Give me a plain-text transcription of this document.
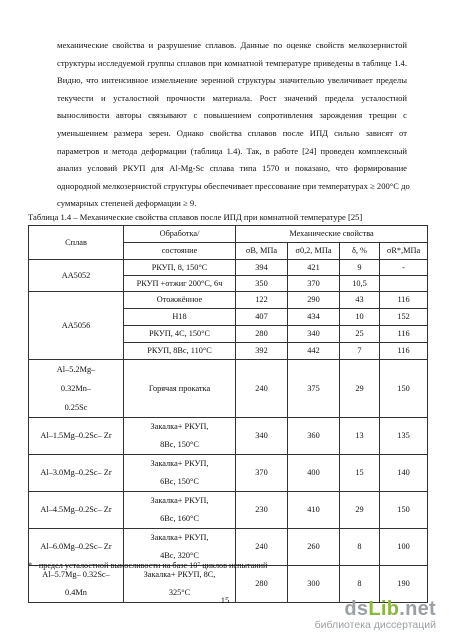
механические свойства и разрушение сплавов. Данные по оценке свойств мелкозернистой
структуры исследуемой группы сплавов при комнатной температуре приведены в таблице 1.4.
Видно, что интенсивное измельчение зеренной структуры значительно увеличивает пределы
текучести и усталостной прочности материала. Рост значений предела усталостной
выносливости авторы связывают с повышением сопротивления зарождения трещин с
уменьшением размера зерен. Однако свойства сплавов после ИПД сильно зависят от
параметров и метода деформации (таблица 1.4). Так, в работе [24] проведен комплексный
анализ условий РКУП для Al-Mg-Sc сплава типа 1570 и показано, что формирование
однородной мелкозернистой структуры обеспечивает прессование при температурах ≥ 200°С до
суммарных степеней деформации ≥ 9.
Таблица 1.4 – Механические свойства сплавов после ИПД при комнатной температуре [25]
Сплав	Обработка/	Механические свойства			
	состояние	σB, МПа	σ0,2, МПа	δ, %	σR*,МПа
АА5052	РКУП, 8, 150°С	394	421	9	-
	РКУП +отжиг 200°С, 6ч	350	370	10,5	
АА5056	Отожжённое	122	290	43	116
	H18	407	434	10	152
	РКУП, 4С, 150°С	280	340	25	116
	РКУП, 8Вс, 110°С	392	442	7	116
Al–5.2Mg– 0.32Mn– 0.25Sc	Горячая прокатка	240	375	29	150
Al–1.5Mg–0.2Sc– Zr	Закалка+ РКУП, 8Вс, 150°С	340	360	13	135
Al–3.0Mg–0.2Sc– Zr	Закалка+ РКУП, 6Вс, 150°С	370	400	15	140
Al–4.5Mg–0.2Sc– Zr	Закалка+ РКУП, 6Вс, 160°С	230	410	29	150
Al–6.0Mg–0.2Sc– Zr	Закалка+ РКУП, 4Вс, 320°С	240	260	8	100
Al–5.7Mg– 0.32Sc–0.4Mn	Закалка+ РКУП, 8С, 325°С	280	300	8	190
* - предел усталостной выносливости на базе 10⁷ циклов испытаний
15	dsLib.net
библиотека диссертаций
